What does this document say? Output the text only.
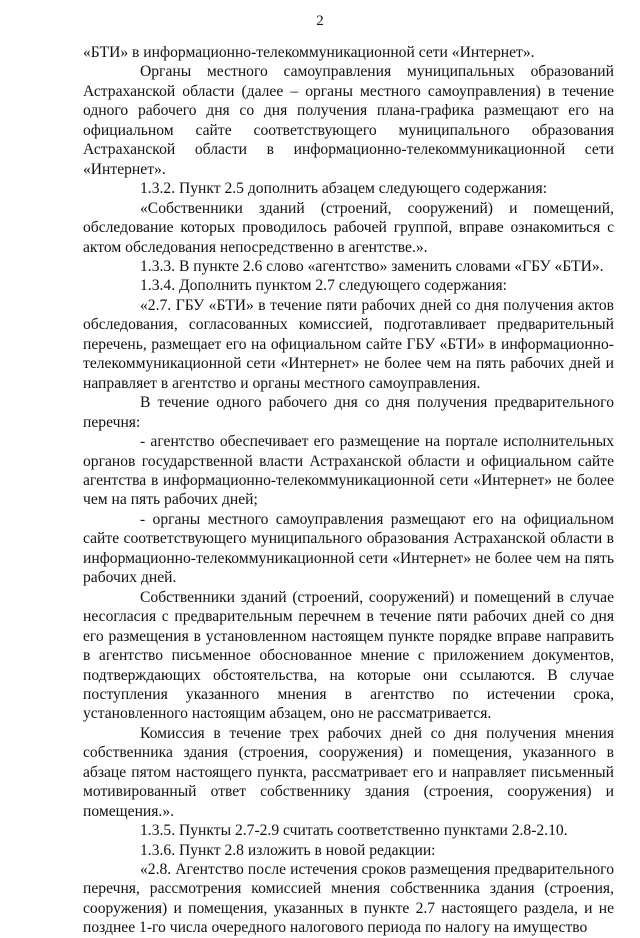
2

«БТИ» в информационно-телекоммуникационной сети «Интернет».

Органы местного самоуправления муниципальных образований Астраханской области (далее – органы местного самоуправления) в течение одного рабочего дня со дня получения плана-графика размещают его на официальном сайте соответствующего муниципального образования Астраханской области в информационно-телекоммуникационной сети «Интернет».

1.3.2. Пункт 2.5 дополнить абзацем следующего содержания:

«Собственники зданий (строений, сооружений) и помещений, обследование которых проводилось рабочей группой, вправе ознакомиться с актом обследования непосредственно в агентстве.».

1.3.3. В пункте 2.6 слово «агентство» заменить словами «ГБУ «БТИ».

1.3.4. Дополнить пунктом 2.7 следующего содержания:

«2.7. ГБУ «БТИ» в течение пяти рабочих дней со дня получения актов обследования, согласованных комиссией, подготавливает предварительный перечень, размещает его на официальном сайте ГБУ «БТИ» в информационно-телекоммуникационной сети «Интернет» не более чем на пять рабочих дней и направляет в агентство и органы местного самоуправления.

В течение одного рабочего дня со дня получения предварительного перечня:

- агентство обеспечивает его размещение на портале исполнительных органов государственной власти Астраханской области и официальном сайте агентства в информационно-телекоммуникационной сети «Интернет» не более чем на пять рабочих дней;

- органы местного самоуправления размещают его на официальном сайте соответствующего муниципального образования Астраханской области в информационно-телекоммуникационной сети «Интернет» не более чем на пять рабочих дней.

Собственники зданий (строений, сооружений) и помещений в случае несогласия с предварительным перечнем в течение пяти рабочих дней со дня его размещения в установленном настоящем пункте порядке вправе направить в агентство письменное обоснованное мнение с приложением документов, подтверждающих обстоятельства, на которые они ссылаются. В случае поступления указанного мнения в агентство по истечении срока, установленного настоящим абзацем, оно не рассматривается.

Комиссия в течение трех рабочих дней со дня получения мнения собственника здания (строения, сооружения) и помещения, указанного в абзаце пятом настоящего пункта, рассматривает его и направляет письменный мотивированный ответ собственнику здания (строения, сооружения) и помещения.».

1.3.5. Пункты 2.7-2.9 считать соответственно пунктами 2.8-2.10.

1.3.6. Пункт 2.8 изложить в новой редакции:

«2.8. Агентство после истечения сроков размещения предварительного перечня, рассмотрения комиссией мнения собственника здания (строения, сооружения) и помещения, указанных в пункте 2.7 настоящего раздела, и не позднее 1-го числа очередного налогового периода по налогу на имущество
